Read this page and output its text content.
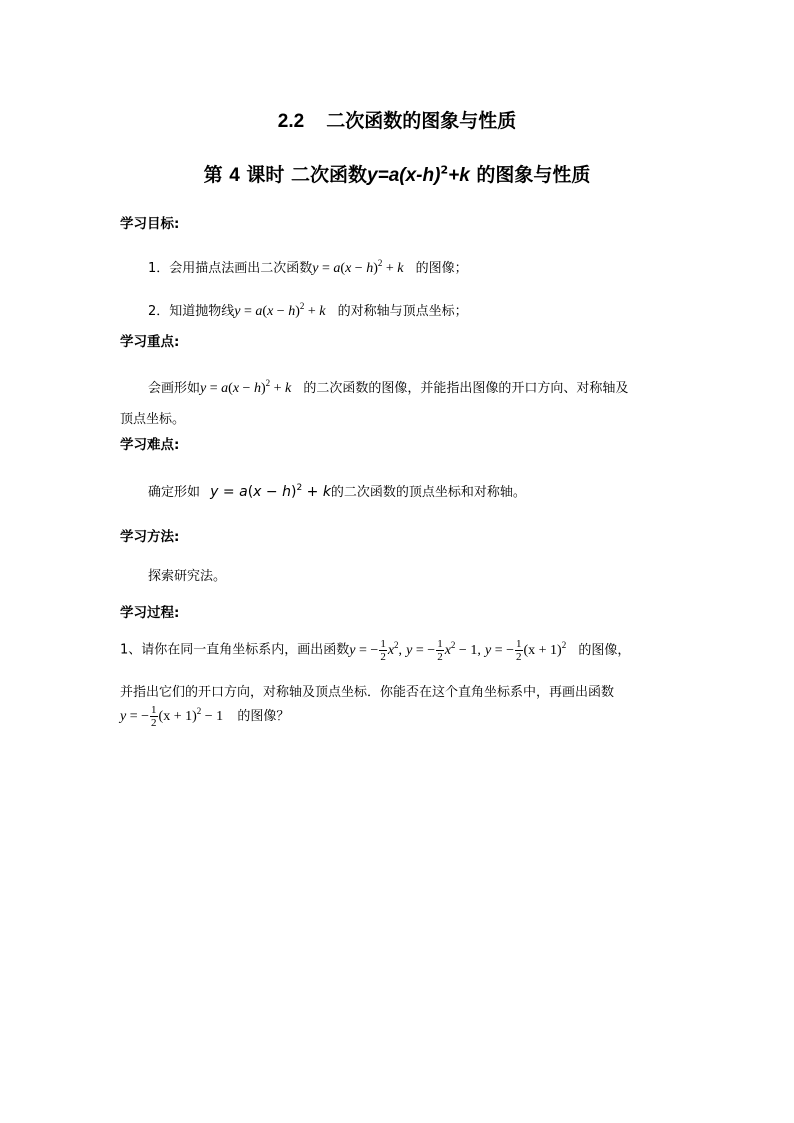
2.2 二次函数的图象与性质
第 4 课时 二次函数$y=a(x-h)^2+k$ 的图象与性质
学习目标:
1．会用描点法画出二次函数$y = a(x - h)^2 + k$ 的图像；
2．知道抛物线$y = a(x - h)^2 + k$ 的对称轴与顶点坐标；
学习重点:
会画形如$y = a(x - h)^2 + k$ 的二次函数的图像，并能指出图像的开口方向、对称轴及
顶点坐标。
学习难点:
确定形如 $y = a(x - h)^2 + k$的二次函数的顶点坐标和对称轴。
学习方法:
探索研究法。
学习过程:
1、请你在同一直角坐标系内，画出函数y = − $\frac{1}{2} x^2$, y = − $\frac{1}{2} x^2 - 1$, y = − $\frac{1}{2} (x + 1)^2$ 的图像，
并指出它们的开口方向，对称轴及顶点坐标．你能否在这个直角坐标系中，再画出函数
y = − $\frac{1}{2} (x + 1)^2 - 1$ 的图像？
